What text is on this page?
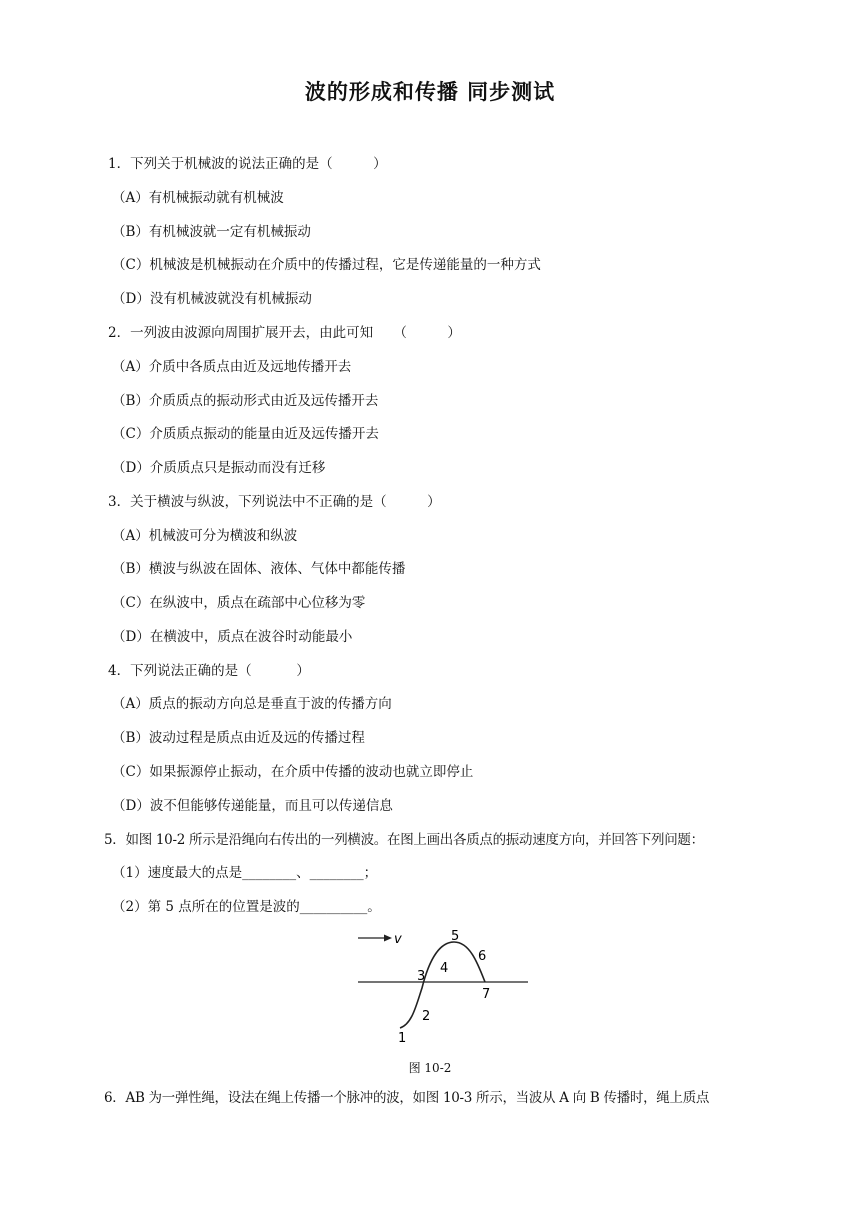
波的形成和传播 同步测试
1．下列关于机械波的说法正确的是（　　　）
（A）有机械振动就有机械波
（B）有机械波就一定有机械振动
（C）机械波是机械振动在介质中的传播过程，它是传递能量的一种方式
（D）没有机械波就没有机械振动
2．一列波由波源向周围扩展开去，由此可知　　（　　　）
（A）介质中各质点由近及远地传播开去
（B）介质质点的振动形式由近及远传播开去
（C）介质质点振动的能量由近及远传播开去
（D）介质质点只是振动而没有迁移
3．关于横波与纵波，下列说法中不正确的是（　　　）
（A）机械波可分为横波和纵波
（B）横波与纵波在固体、液体、气体中都能传播
（C）在纵波中，质点在疏部中心位移为零
（D）在横波中，质点在波谷时动能最小
4．下列说法正确的是（　　　 ）
（A）质点的振动方向总是垂直于波的传播方向
（B）波动过程是质点由近及远的传播过程
（C）如果振源停止振动，在介质中传播的波动也就立即停止
（D）波不但能够传递能量，而且可以传递信息
5．如图 10-2 所示是沿绳向右传出的一列横波。在图上画出各质点的振动速度方向，并回答下列问题：
（1）速度最大的点是________、________；
（2）第 5 点所在的位置是波的__________。
v
1
2
3
4
5
6
7
图 10-2
6．AB 为一弹性绳，设法在绳上传播一个脉冲的波，如图 10-3 所示，当波从 A 向 B 传播时，绳上质点
